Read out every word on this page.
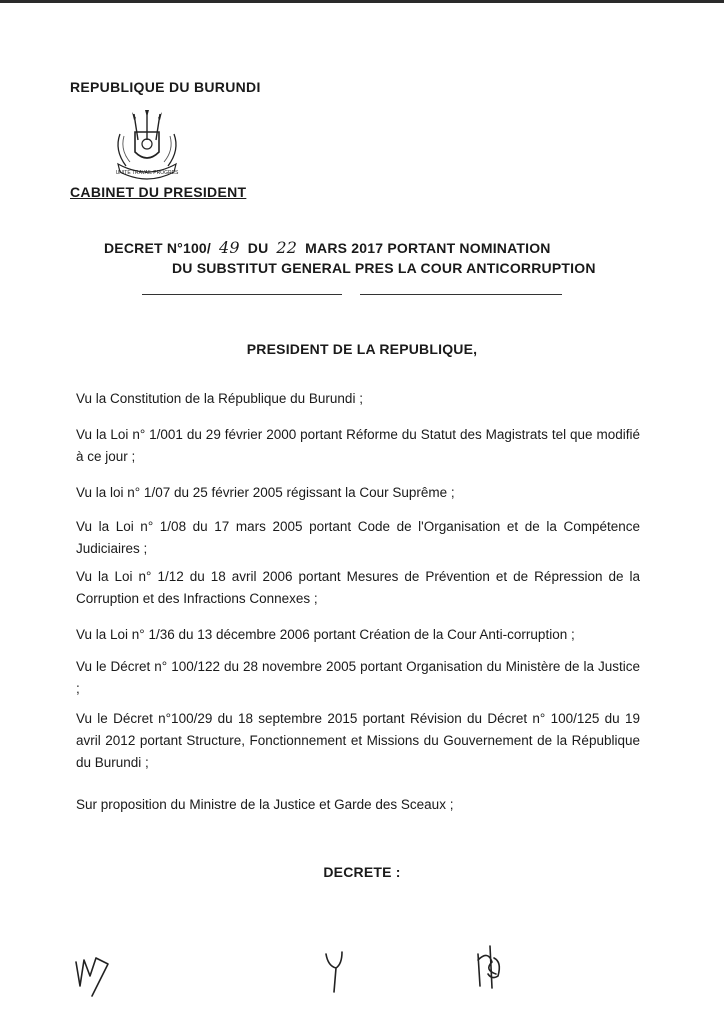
REPUBLIQUE DU BURUNDI
UNITE TRAVAIL PROGRES
CABINET DU PRESIDENT
DECRET N°100/ 49 DU 22 MARS 2017 PORTANT NOMINATION
DU SUBSTITUT GENERAL PRES LA COUR ANTICORRUPTION
PRESIDENT DE LA REPUBLIQUE,
Vu la Constitution de la République du Burundi ;
Vu la Loi n° 1/001 du 29 février 2000 portant Réforme du Statut des Magistrats tel que modifié à ce jour ;
Vu la loi n° 1/07 du 25 février 2005 régissant la Cour Suprême ;
Vu la Loi n° 1/08 du 17 mars 2005 portant Code de l'Organisation et de la Compétence Judiciaires ;
Vu la Loi n° 1/12 du 18 avril 2006 portant Mesures de Prévention et de Répression de la Corruption et des Infractions Connexes ;
Vu la Loi n° 1/36 du 13 décembre 2006 portant Création de la Cour Anti-corruption ;
Vu le Décret n° 100/122 du 28 novembre 2005 portant Organisation du Ministère de la Justice ;
Vu le Décret n°100/29 du 18 septembre 2015 portant Révision du Décret n° 100/125 du 19 avril 2012 portant Structure, Fonctionnement et Missions du Gouvernement de la République du Burundi ;
Sur proposition du Ministre de la Justice et Garde des Sceaux ;
DECRETE :
